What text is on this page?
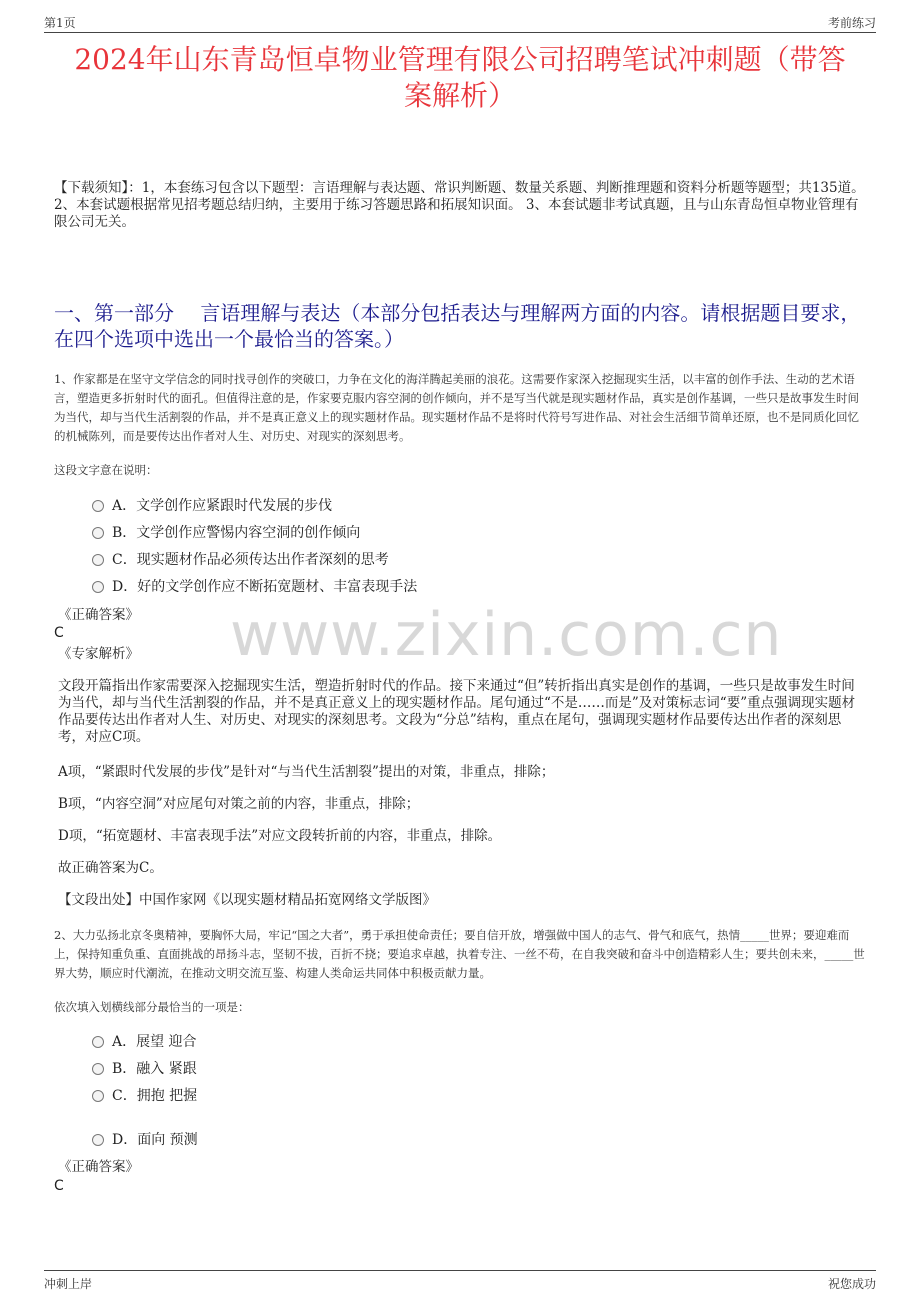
第1页	考前练习
2024年山东青岛恒卓物业管理有限公司招聘笔试冲刺题（带答
案解析）
【下载须知】：1，本套练习包含以下题型：言语理解与表达题、常识判断题、数量关系题、判断推理题和资料分析题等题型；共135道。 2、本套试题根据常见招考题总结归纳，主要用于练习答题思路和拓展知识面。 3、本套试题非考试真题，且与山东青岛恒卓物业管理有限公司无关。
一、第一部分　 言语理解与表达（本部分包括表达与理解两方面的内容。请根据题目要求，在四个选项中选出一个最恰当的答案。）
1、作家都是在坚守文学信念的同时找寻创作的突破口，力争在文化的海洋腾起美丽的浪花。这需要作家深入挖掘现实生活，以丰富的创作手法、生动的艺术语言，塑造更多折射时代的面孔。但值得注意的是，作家要克服内容空洞的创作倾向，并不是写当代就是现实题材作品，真实是创作基调，一些只是故事发生时间为当代，却与当代生活割裂的作品，并不是真正意义上的现实题材作品。现实题材作品不是将时代符号写进作品、对社会生活细节简单还原，也不是同质化回忆的机械陈列，而是要传达出作者对人生、对历史、对现实的深刻思考。
这段文字意在说明：
A．文学创作应紧跟时代发展的步伐
B．文学创作应警惕内容空洞的创作倾向
C．现实题材作品必须传达出作者深刻的思考
D．好的文学创作应不断拓宽题材、丰富表现手法
《正确答案》
C
《专家解析》 www.zixin.com.cn
文段开篇指出作家需要深入挖掘现实生活，塑造折射时代的作品。接下来通过“但”转折指出真实是创作的基调，一些只是故事发生时间为当代，却与当代生活割裂的作品，并不是真正意义上的现实题材作品。尾句通过“不是……而是”及对策标志词“要”重点强调现实题材作品要传达出作者对人生、对历史、对现实的深刻思考。文段为“分总”结构，重点在尾句，强调现实题材作品要传达出作者的深刻思考，对应C项。
A项，“紧跟时代发展的步伐”是针对“与当代生活割裂”提出的对策，非重点，排除；
B项，“内容空洞”对应尾句对策之前的内容，非重点，排除；
D项，“拓宽题材、丰富表现手法”对应文段转折前的内容，非重点，排除。
故正确答案为C。
【文段出处】中国作家网《以现实题材精品拓宽网络文学版图》
2、大力弘扬北京冬奥精神，要胸怀大局，牢记“国之大者”，勇于承担使命责任；要自信开放，增强做中国人的志气、骨气和底气，热情_____世界；要迎难而上，保持知重负重、直面挑战的昂扬斗志，坚韧不拔，百折不挠；要追求卓越，执着专注、一丝不苟，在自我突破和奋斗中创造精彩人生；要共创未来，_____世界大势，顺应时代潮流，在推动文明交流互鉴、构建人类命运共同体中积极贡献力量。
依次填入划横线部分最恰当的一项是：
A．展望 迎合
B．融入 紧跟
C．拥抱 把握
D．面向 预测
《正确答案》
C
冲刺上岸	祝您成功
